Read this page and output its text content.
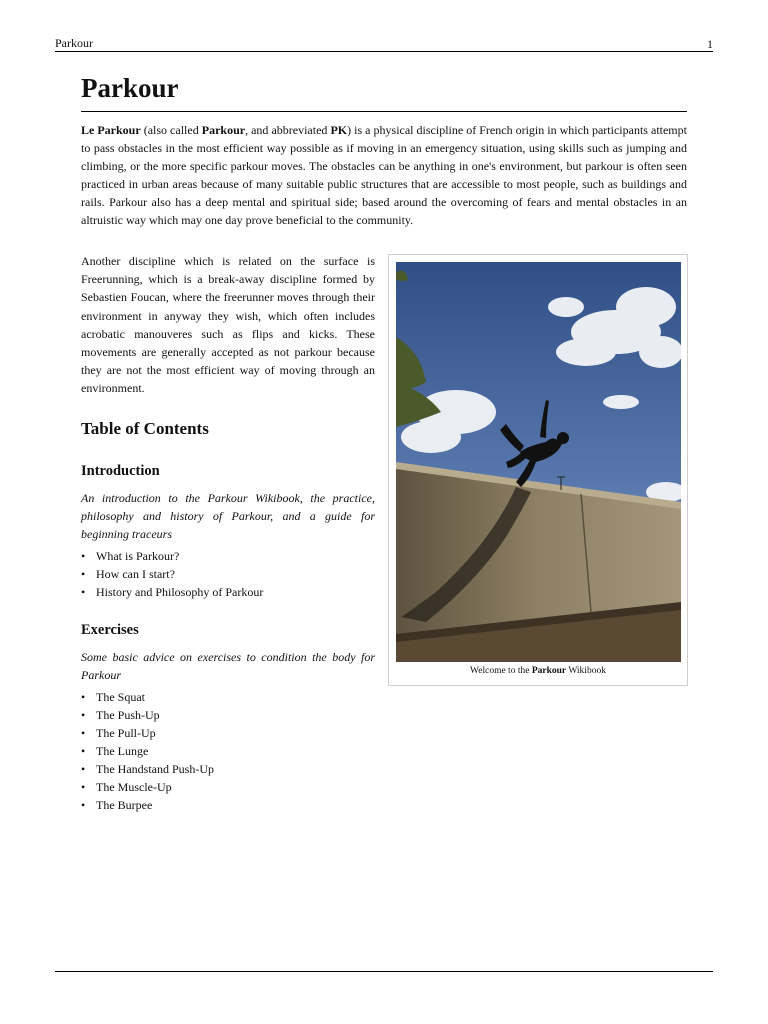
Parkour	1
Parkour

Le Parkour (also called Parkour, and abbreviated PK) is a physical discipline of French origin in which participants attempt to pass obstacles in the most efficient way possible as if moving in an emergency situation, using skills such as jumping and climbing, or the more specific parkour moves. The obstacles can be anything in one's environment, but parkour is often seen practiced in urban areas because of many suitable public structures that are accessible to most people, such as buildings and rails. Parkour also has a deep mental and spiritual side; based around the overcoming of fears and mental obstacles in an altruistic way which may one day prove beneficial to the community.

Another discipline which is related on the surface is Freerunning, which is a break-away discipline formed by Sebastien Foucan, where the freerunner moves through their environment in anyway they wish, which often includes acrobatic manouveres such as flips and kicks. These movements are generally accepted as not parkour because they are not the most efficient way of moving through an environment.

Table of Contents
Introduction

An introduction to the Parkour Wikibook, the practice, philosophy and history of Parkour, and a guide for beginning traceurs

• What is Parkour?
• How can I start?
• History and Philosophy of Parkour
Exercises

Some basic advice on exercises to condition the body for Parkour

• The Squat
• The Push-Up
• The Pull-Up
• The Lunge
• The Handstand Push-Up
• The Muscle-Up
• The Burpee
Welcome to the Parkour Wikibook
